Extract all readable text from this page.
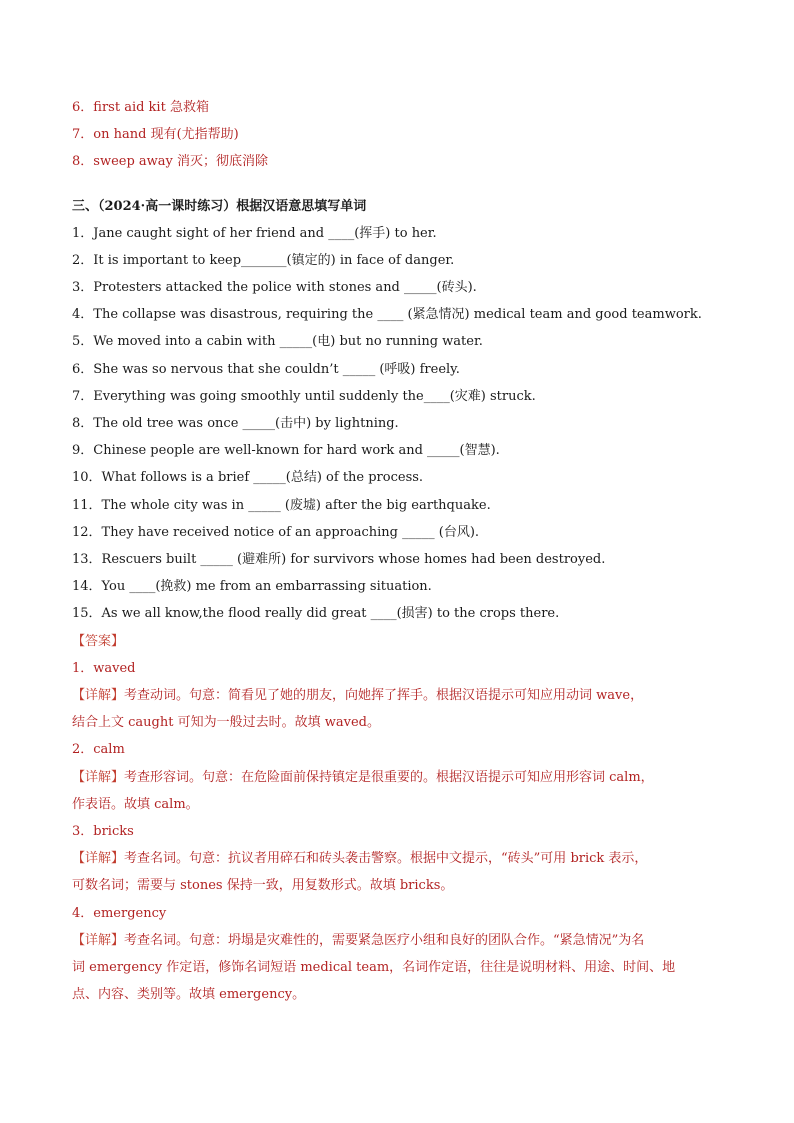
6．first aid kit 急救箱
7．on hand 现有(尤指帮助)
8．sweep away 消灭；彻底消除
三、（2024·高一课时练习）根据汉语意思填写单词
1．Jane caught sight of her friend and ____(挥手) to her.
2．It is important to keep_______(镇定的) in face of danger.
3．Protesters attacked the police with stones and _____(砖头).
4．The collapse was disastrous, requiring the ____ (紧急情况) medical team and good teamwork.
5．We moved into a cabin with _____(电) but no running water.
6．She was so nervous that she couldn’t _____ (呼吸) freely.
7．Everything was going smoothly until suddenly the____(灾难) struck.
8．The old tree was once _____(击中) by lightning.
9．Chinese people are well-known for hard work and _____(智慧).
10．What follows is a brief _____(总结) of the process.
11．The whole city was in _____ (废墟) after the big earthquake.
12．They have received notice of an approaching _____ (台风).
13．Rescuers built _____ (避难所) for survivors whose homes had been destroyed.
14．You ____(挽救) me from an embarrassing situation.
15．As we all know,the flood really did great ____(损害) to the crops there.
【答案】
1．waved
【详解】考查动词。句意：简看见了她的朋友，向她挥了挥手。根据汉语提示可知应用动词 wave，
结合上文 caught 可知为一般过去时。故填 waved。
2．calm
【详解】考查形容词。句意：在危险面前保持镇定是很重要的。根据汉语提示可知应用形容词 calm，
作表语。故填 calm。
3．bricks
【详解】考查名词。句意：抗议者用碎石和砖头袭击警察。根据中文提示，“砖头”可用 brick 表示，
可数名词；需要与 stones 保持一致，用复数形式。故填 bricks。
4．emergency
【详解】考查名词。句意：坍塌是灾难性的，需要紧急医疗小组和良好的团队合作。“紧急情况”为名
词 emergency 作定语，修饰名词短语 medical team，名词作定语，往往是说明材料、用途、时间、地
点、内容、类别等。故填 emergency。
